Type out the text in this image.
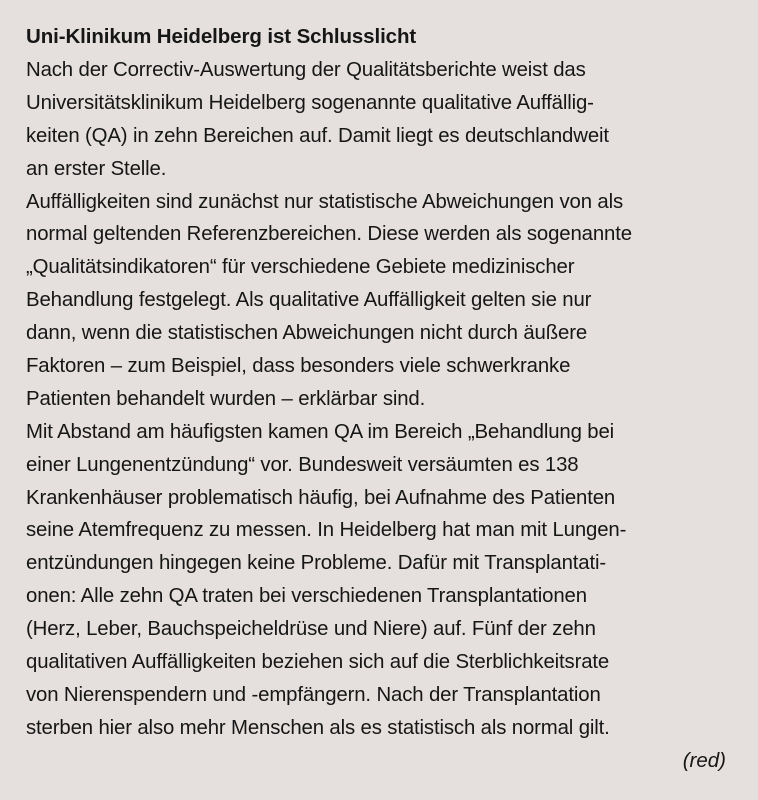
Uni-Klinikum Heidelberg ist Schlusslicht
Nach der Correctiv-Auswertung der Qualitätsberichte weist das
Universitätsklinikum Heidelberg sogenannte qualitative Auffällig-
keiten (QA) in zehn Bereichen auf. Damit liegt es deutschlandweit
an erster Stelle.
Auffälligkeiten sind zunächst nur statistische Abweichungen von als
normal geltenden Referenzbereichen. Diese werden als sogenannte
„Qualitätsindikatoren“ für verschiedene Gebiete medizinischer
Behandlung festgelegt. Als qualitative Auffälligkeit gelten sie nur
dann, wenn die statistischen Abweichungen nicht durch äußere
Faktoren – zum Beispiel, dass besonders viele schwerkranke
Patienten behandelt wurden – erklärbar sind.
Mit Abstand am häufigsten kamen QA im Bereich „Behandlung bei
einer Lungenentzündung“ vor. Bundesweit versäumten es 138
Krankenhäuser problematisch häufig, bei Aufnahme des Patienten
seine Atemfrequenz zu messen. In Heidelberg hat man mit Lungen-
entzündungen hingegen keine Probleme. Dafür mit Transplantati-
onen: Alle zehn QA traten bei verschiedenen Transplantationen
(Herz, Leber, Bauchspeicheldrüse und Niere) auf. Fünf der zehn
qualitativen Auffälligkeiten beziehen sich auf die Sterblichkeitsrate
von Nierenspendern und -empfängern. Nach der Transplantation
sterben hier also mehr Menschen als es statistisch als normal gilt.
(red)
